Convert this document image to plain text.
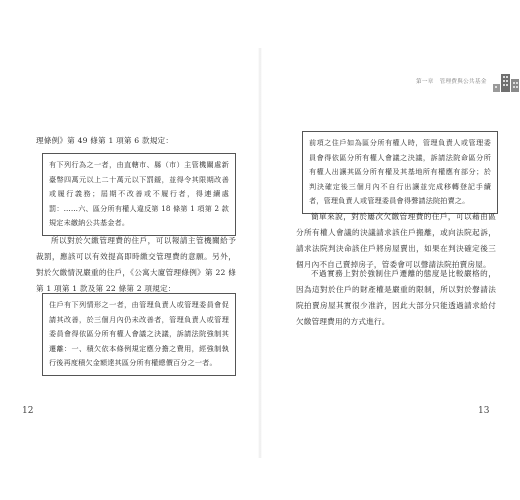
理條例》第 49 條第 1 項第 6 款規定：

有下列行為之一者，由直轄市、縣（市）主管機關處新臺幣四萬元以上二十萬元以下罰鍰，並得令其限期改善或履行義務；屆期不改善或不履行者，得連續處罰：……六、區分所有權人違反第 18 條第 1 項第 2 款規定未繳納公共基金者。

所以對於欠繳管理費的住戶，可以報請主管機關給予裁罰，應該可以有效提高即時繳交管理費的意願。另外，對於欠繳情況嚴重的住戶，《公寓大廈管理條例》第 22 條第 1 項第 1 款及第 22 條第 2 項規定：

住戶有下列情形之一者，由管理負責人或管理委員會促請其改善，於三個月內仍未改善者，管理負責人或管理委員會得依區分所有權人會議之決議，訴請法院強制其遷離：一、積欠依本條例規定應分擔之費用，經強制執行後再度積欠金額達其區分所有權總價百分之一者。

12
第一章　管理費與公共基金

前項之住戶如為區分所有權人時，管理負責人或管理委員會得依區分所有權人會議之決議，訴請法院命區分所有權人出讓其區分所有權及其基地所有權應有部分；於判決確定後三個月內不自行出讓並完成移轉登記手續者，管理負責人或管理委員會得聲請法院拍賣之。

簡單來說，對於屢次欠繳管理費的住戶，可以藉由區分所有權人會議的決議請求該住戶搬離，或向法院起訴，請求法院判決命該住戶將房屋賣出，如果在判決確定後三個月內不自己賣掉房子，管委會可以聲請法院拍賣房屋。

不過實務上對於強制住戶遷離的態度是比較嚴格的，因為這對於住戶的財產權是嚴重的限制，所以對於聲請法院拍賣房屋其實很少准許，因此大部分只能透過請求給付欠繳管理費用的方式進行。

13
